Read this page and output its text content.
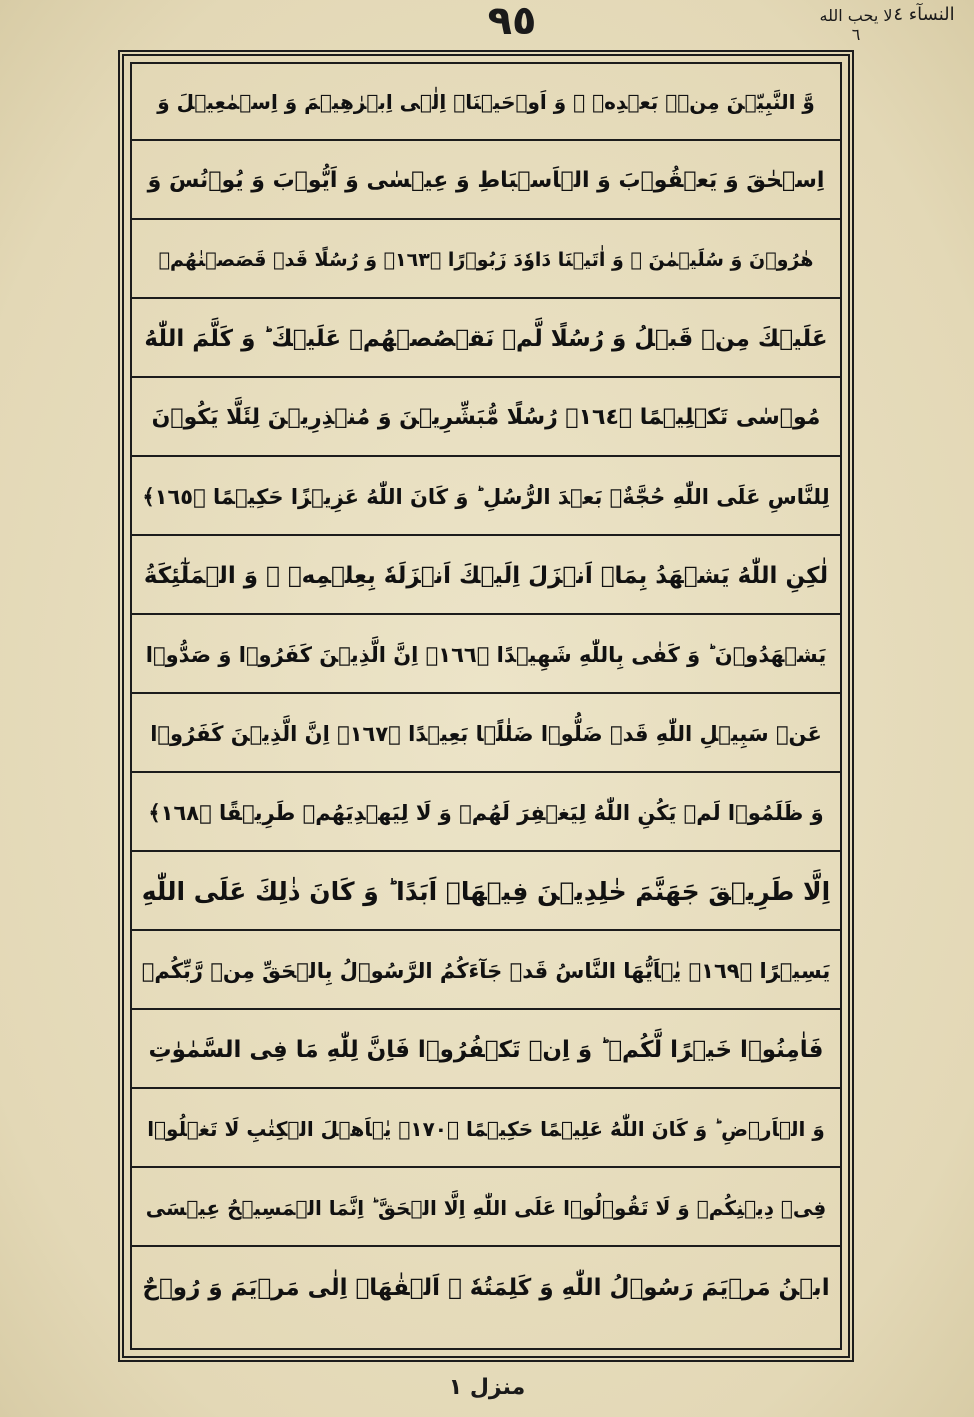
لا يحب الله ٦
٩٥	النسآء ٤
وَّ النَّبِیّٖنَ مِنۡۢ بَعۡدِهٖ ۚ وَ اَوۡحَیۡنَاۤ اِلٰۤی اِبۡرٰهِیۡمَ وَ اِسۡمٰعِیۡلَ وَ
اِسۡحٰقَ وَ یَعۡقُوۡبَ وَ الۡاَسۡبَاطِ وَ عِیۡسٰی وَ اَیُّوۡبَ وَ یُوۡنُسَ وَ
هٰرُوۡنَ وَ سُلَیۡمٰنَ ۚ وَ اٰتَیۡنَا دَاوٗدَ زَبُوۡرًا ﴿١٦٣﴾ وَ رُسُلًا قَدۡ قَصَصۡنٰهُمۡ
عَلَیۡكَ مِنۡ قَبۡلُ وَ رُسُلًا لَّمۡ نَقۡصُصۡهُمۡ عَلَیۡكَ ؕ وَ كَلَّمَ اللّٰهُ
مُوۡسٰی تَكۡلِیۡمًا ﴿١٦٤﴾ رُسُلًا مُّبَشِّرِیۡنَ وَ مُنۡذِرِیۡنَ لِئَلَّا یَكُوۡنَ
لِلنَّاسِ عَلَی اللّٰهِ حُجَّةٌۢ بَعۡدَ الرُّسُلِ ؕ وَ كَانَ اللّٰهُ عَزِیۡزًا حَكِیۡمًا ﴿١٦٥﴾
لٰكِنِ اللّٰهُ یَشۡهَدُ بِمَاۤ اَنۡزَلَ اِلَیۡكَ اَنۡزَلَهٗ بِعِلۡمِهٖ ۚ وَ الۡمَلٰٓئِكَةُ
یَشۡهَدُوۡنَ ؕ وَ كَفٰی بِاللّٰهِ شَهِیۡدًا ﴿١٦٦﴾ اِنَّ الَّذِیۡنَ كَفَرُوۡا وَ صَدُّوۡا
عَنۡ سَبِیۡلِ اللّٰهِ قَدۡ ضَلُّوۡا ضَلٰلًۢا بَعِیۡدًا ﴿١٦٧﴾ اِنَّ الَّذِیۡنَ كَفَرُوۡا
وَ ظَلَمُوۡا لَمۡ یَكُنِ اللّٰهُ لِیَغۡفِرَ لَهُمۡ وَ لَا لِیَهۡدِیَهُمۡ طَرِیۡقًا ﴿١٦٨﴾
اِلَّا طَرِیۡقَ جَهَنَّمَ خٰلِدِیۡنَ فِیۡهَاۤ اَبَدًا ؕ وَ كَانَ ذٰلِكَ عَلَی اللّٰهِ
یَسِیۡرًا ﴿١٦٩﴾ یٰۤاَیُّهَا النَّاسُ قَدۡ جَآءَكُمُ الرَّسُوۡلُ بِالۡحَقِّ مِنۡ رَّبِّكُمۡ
فَاٰمِنُوۡا خَیۡرًا لَّكُمۡ ؕ وَ اِنۡ تَكۡفُرُوۡا فَاِنَّ لِلّٰهِ مَا فِی السَّمٰوٰتِ
وَ الۡاَرۡضِ ؕ وَ كَانَ اللّٰهُ عَلِیۡمًا حَكِیۡمًا ﴿١٧٠﴾ یٰۤاَهۡلَ الۡكِتٰبِ لَا تَغۡلُوۡا
فِیۡ دِیۡنِكُمۡ وَ لَا تَقُوۡلُوۡا عَلَی اللّٰهِ اِلَّا الۡحَقَّ ؕ اِنَّمَا الۡمَسِیۡحُ عِیۡسَی
ابۡنُ مَرۡیَمَ رَسُوۡلُ اللّٰهِ وَ كَلِمَتُهٗ ۚ اَلۡقٰهَاۤ اِلٰی مَرۡیَمَ وَ رُوۡحٌ
منزل ١
